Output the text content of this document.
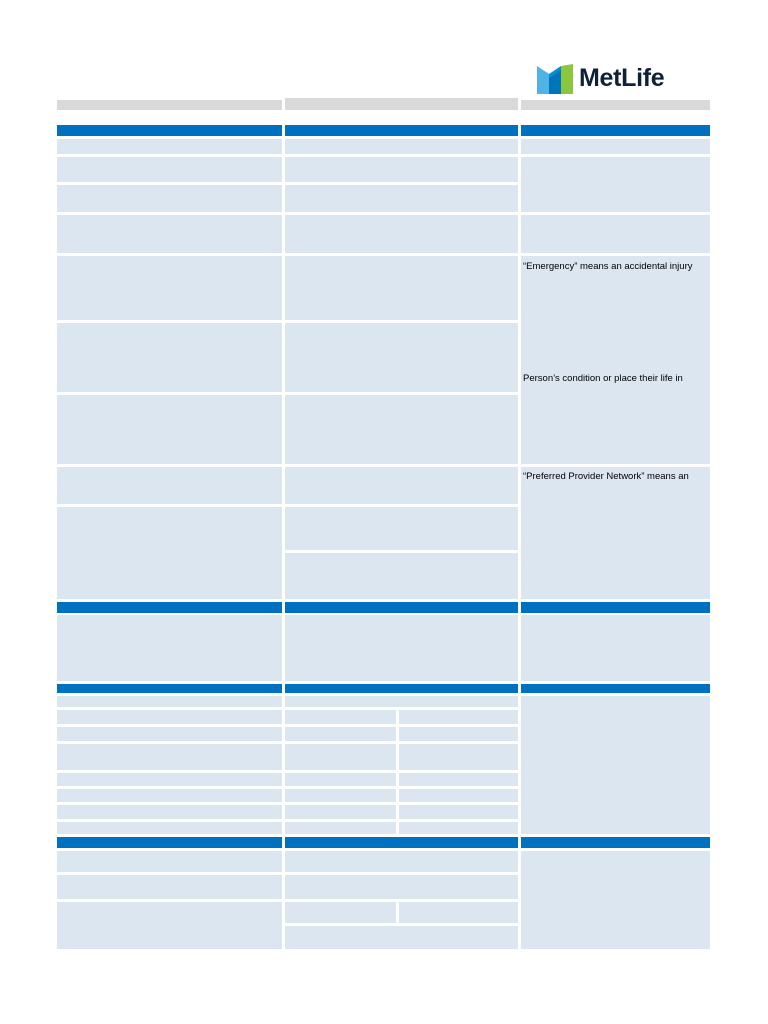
MetLife
“Emergency” means an accidental injury
Person’s condition or place their life in
“Preferred Provider Network” means an
